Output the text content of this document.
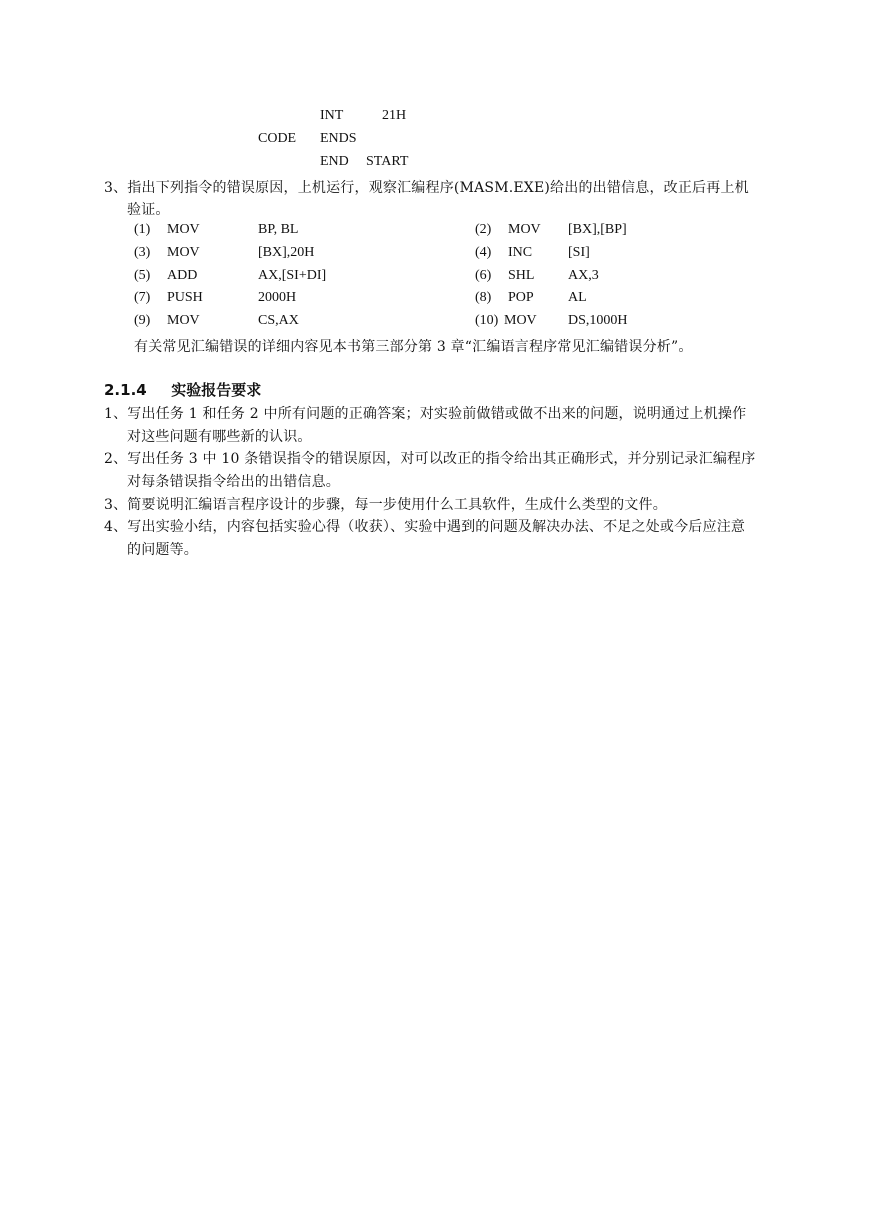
INT	21H
CODE ENDS
END START
3、指出下列指令的错误原因，上机运行，观察汇编程序(MASM.EXE)给出的出错信息，改正后再上机
验证。
(1) MOV	BP, BL	(2) MOV [BX],[BP]
(3) MOV	[BX],20H	(4) INC	[SI]
(5) ADD	AX,[SI+DI]	(6) SHL AX,3
(7) PUSH	2000H	(8) POP AL
(9) MOV	CS,AX	(10) MOV DS,1000H
有关常见汇编错误的详细内容见本书第三部分第 3 章“汇编语言程序常见汇编错误分析”。
2.1.4 实验报告要求
1、写出任务 1 和任务 2 中所有问题的正确答案；对实验前做错或做不出来的问题，说明通过上机操作
对这些问题有哪些新的认识。
2、写出任务 3 中 10 条错误指令的错误原因，对可以改正的指令给出其正确形式，并分别记录汇编程序
对每条错误指令给出的出错信息。
3、简要说明汇编语言程序设计的步骤，每一步使用什么工具软件，生成什么类型的文件。
4、写出实验小结，内容包括实验心得（收获）、实验中遇到的问题及解决办法、不足之处或今后应注意
的问题等。
